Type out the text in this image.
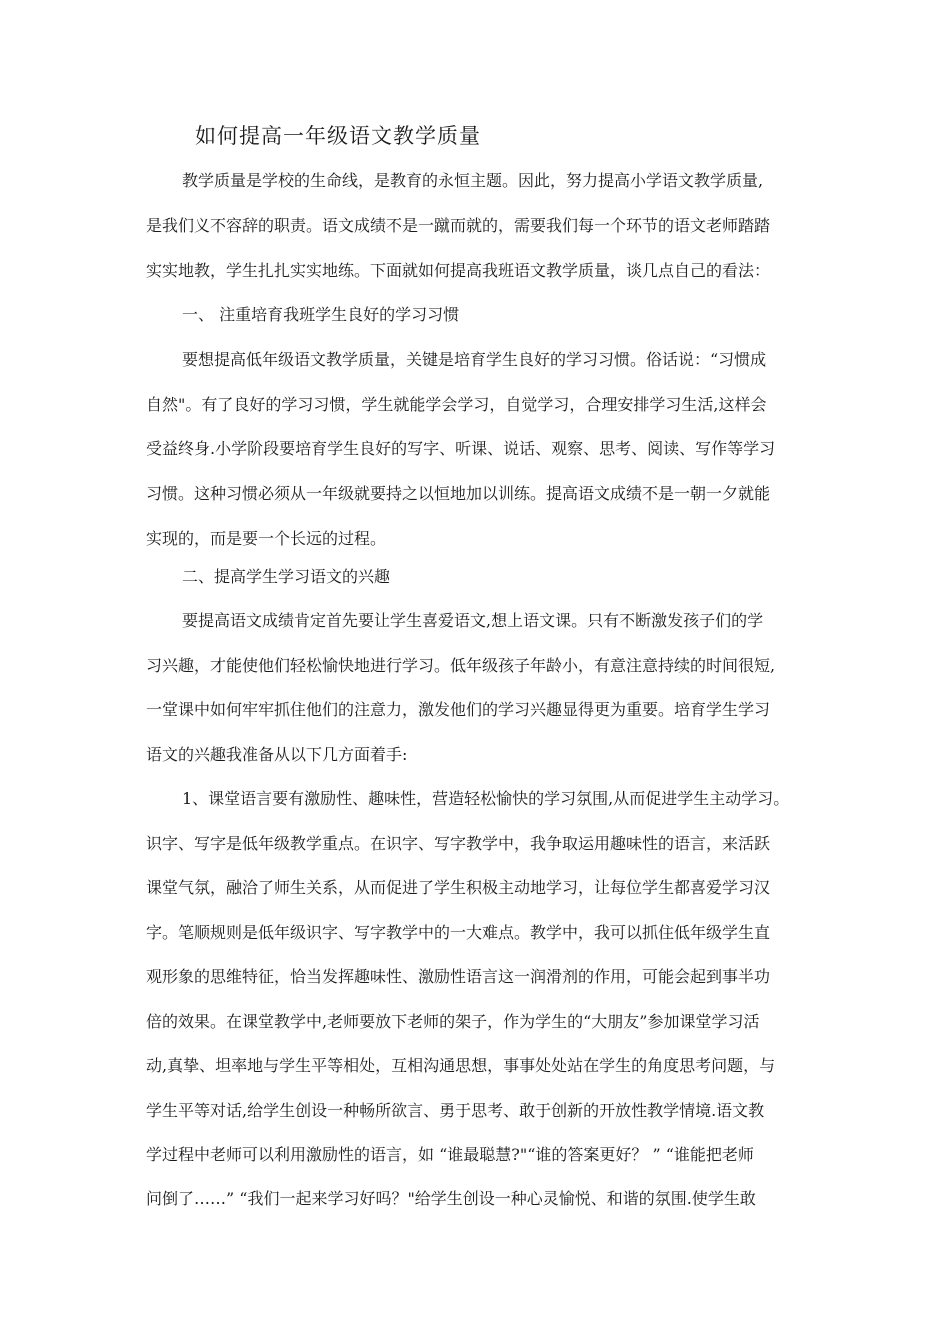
如何提高一年级语文教学质量
教学质量是学校的生命线，是教育的永恒主题。因此，努力提高小学语文教学质量,
是我们义不容辞的职责。语文成绩不是一蹴而就的，需要我们每一个环节的语文老师踏踏
实实地教，学生扎扎实实地练。下面就如何提高我班语文教学质量，谈几点自己的看法：
一、 注重培育我班学生良好的学习习惯
要想提高低年级语文教学质量，关键是培育学生良好的学习习惯。俗话说：“习惯成
自然"。有了良好的学习习惯，学生就能学会学习，自觉学习，合理安排学习生活,这样会
受益终身.小学阶段要培育学生良好的写字、听课、说话、观察、思考、阅读、写作等学习
习惯。这种习惯必须从一年级就要持之以恒地加以训练。提高语文成绩不是一朝一夕就能
实现的，而是要一个长远的过程。
二、提高学生学习语文的兴趣
要提高语文成绩肯定首先要让学生喜爱语文,想上语文课。只有不断激发孩子们的学
习兴趣，才能使他们轻松愉快地进行学习。低年级孩子年龄小，有意注意持续的时间很短,
一堂课中如何牢牢抓住他们的注意力，激发他们的学习兴趣显得更为重要。培育学生学习
语文的兴趣我准备从以下几方面着手:
1、课堂语言要有激励性、趣味性，营造轻松愉快的学习氛围,从而促进学生主动学习。
识字、写字是低年级教学重点。在识字、写字教学中，我争取运用趣味性的语言，来活跃
课堂气氛，融洽了师生关系，从而促进了学生积极主动地学习，让每位学生都喜爱学习汉
字。笔顺规则是低年级识字、写字教学中的一大难点。教学中，我可以抓住低年级学生直
观形象的思维特征，恰当发挥趣味性、激励性语言这一润滑剂的作用，可能会起到事半功
倍的效果。在课堂教学中,老师要放下老师的架子，作为学生的“大朋友”参加课堂学习活
动,真挚、坦率地与学生平等相处，互相沟通思想，事事处处站在学生的角度思考问题，与
学生平等对话,给学生创设一种畅所欲言、勇于思考、敢于创新的开放性教学情境.语文教
学过程中老师可以利用激励性的语言，如 “谁最聪慧?"“谁的答案更好？ ” “谁能把老师
问倒了……” “我们一起来学习好吗？"给学生创设一种心灵愉悦、和谐的氛围.使学生敢
